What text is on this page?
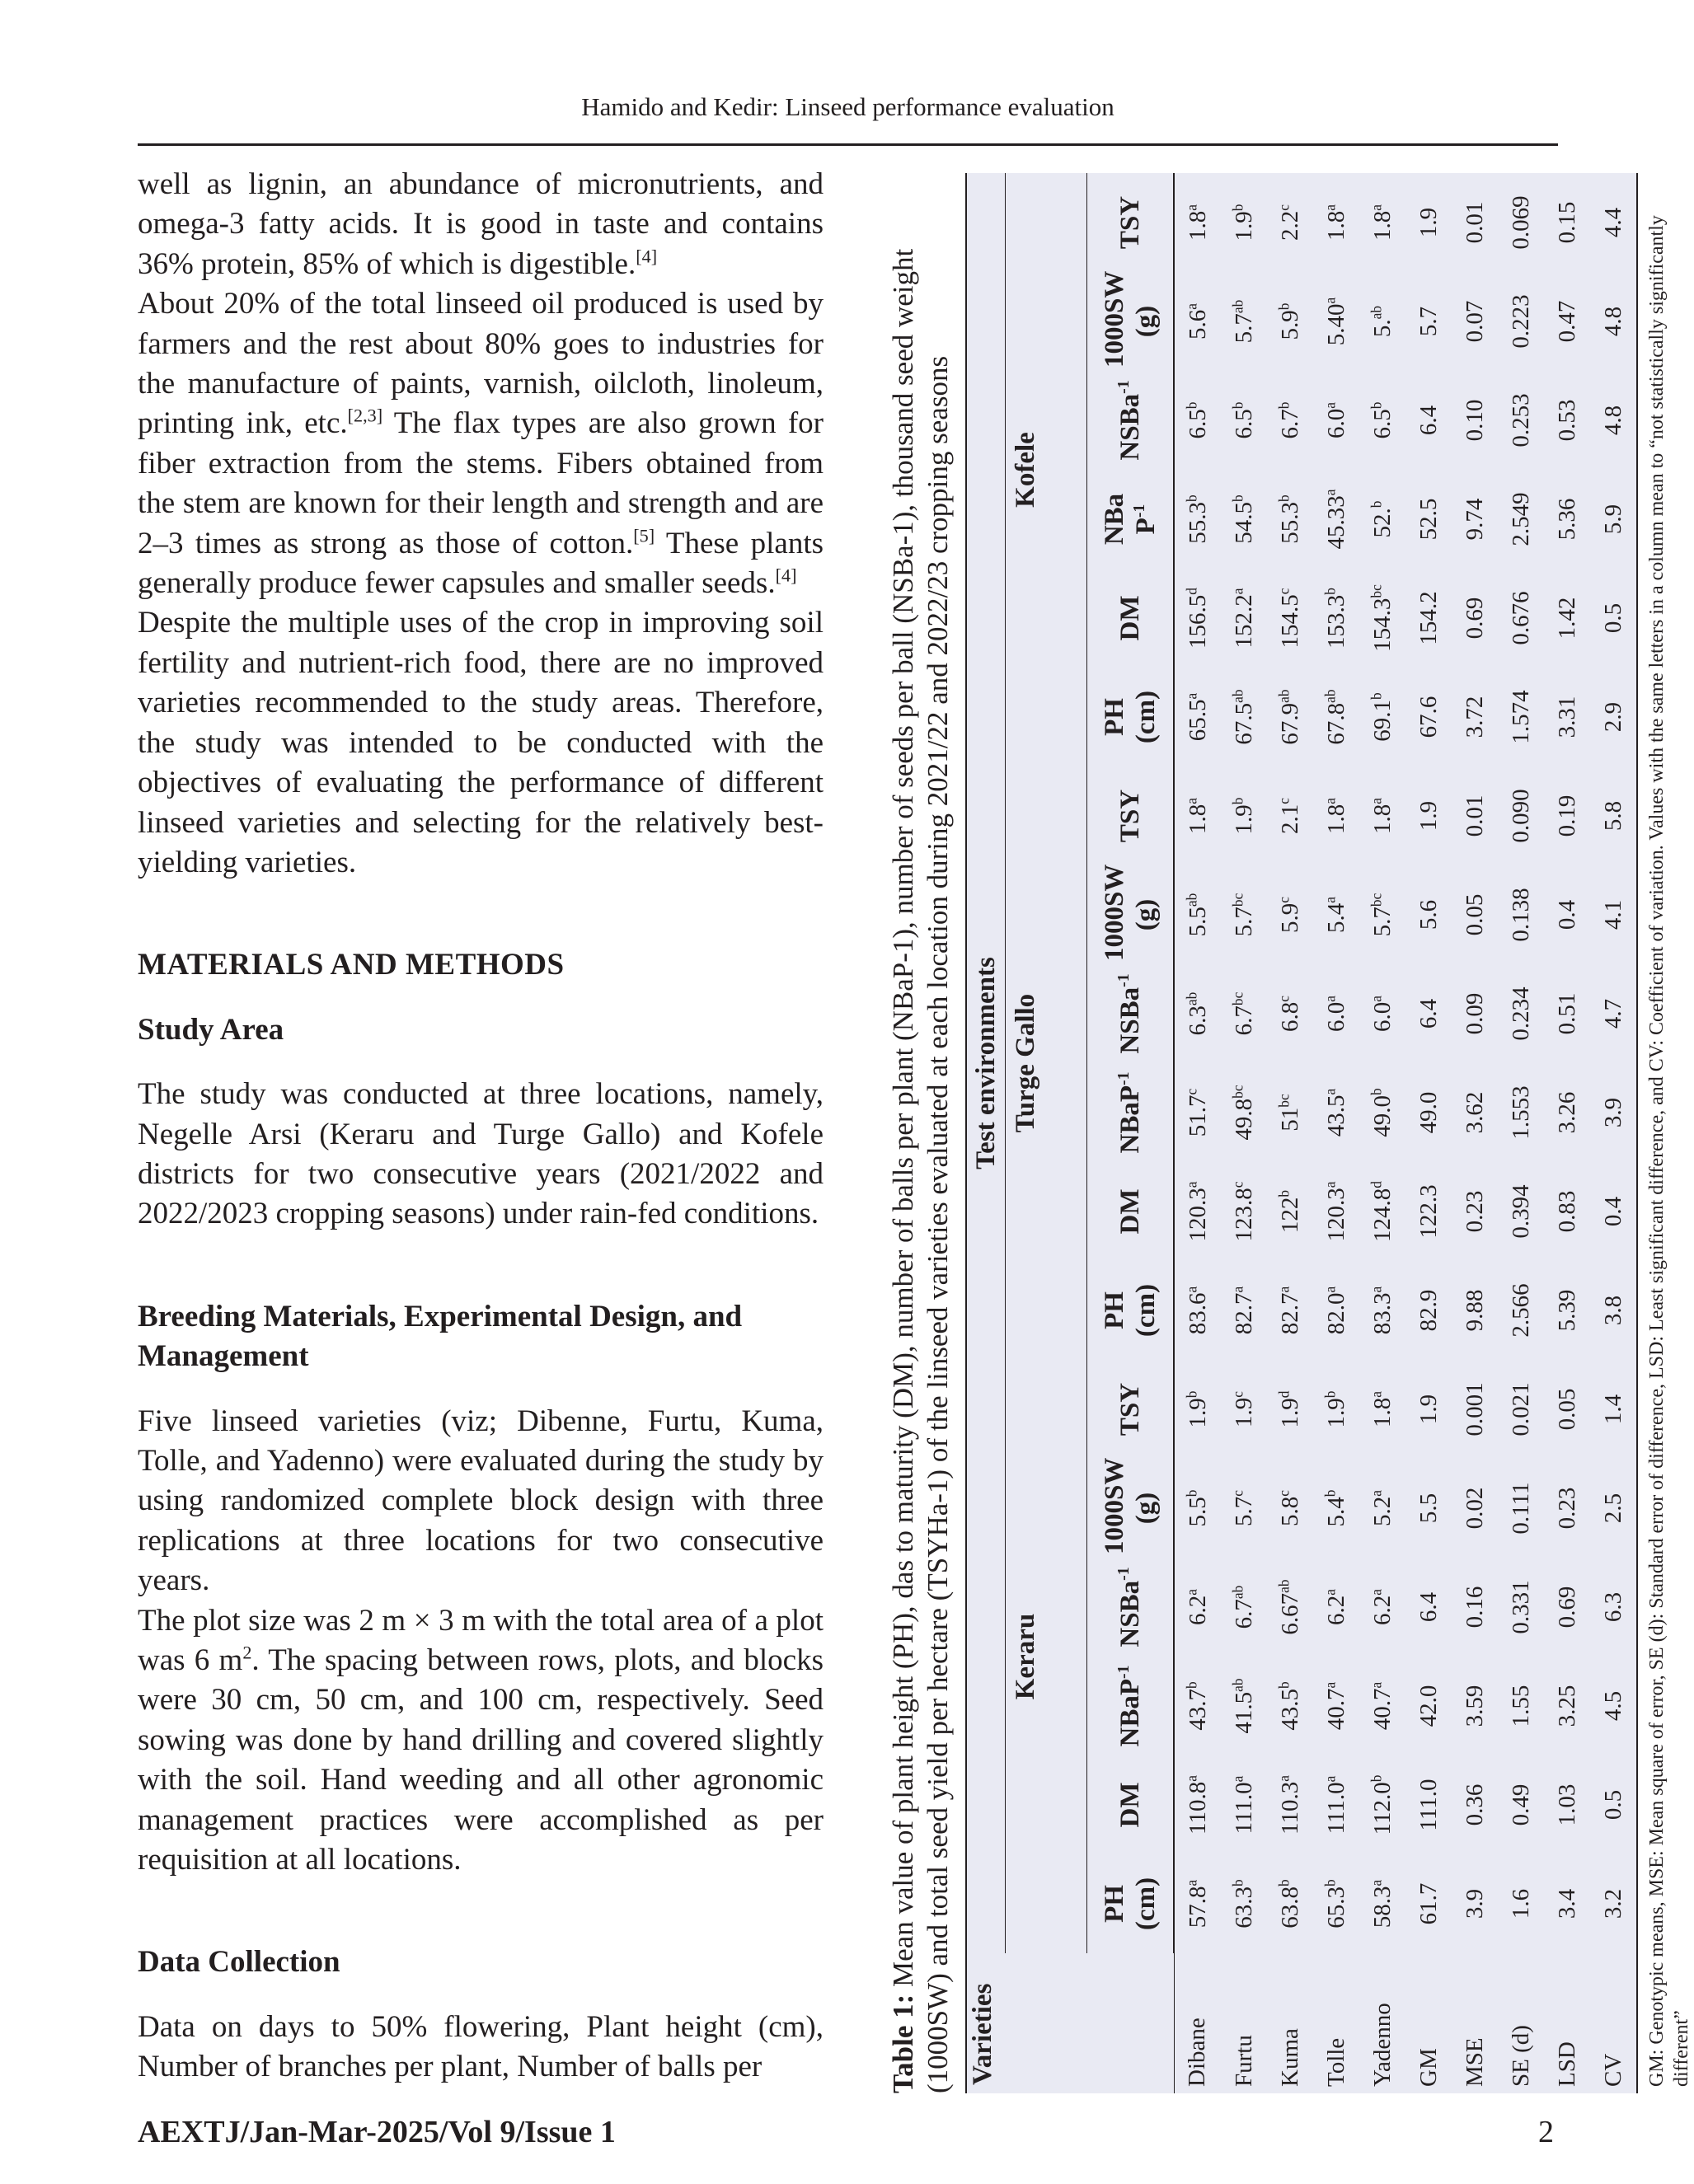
Hamido and Kedir: Linseed performance evaluation

well as lignin, an abundance of micronutrients, and omega-3 fatty acids. It is good in taste and contains 36% protein, 85% of which is digestible.[4]

About 20% of the total linseed oil produced is used by farmers and the rest about 80% goes to industries for the manufacture of paints, varnish, oilcloth, linoleum, printing ink, etc.[2,3] The flax types are also grown for fiber extraction from the stems. Fibers obtained from the stem are known for their length and strength and are 2–3 times as strong as those of cotton.[5] These plants generally produce fewer capsules and smaller seeds.[4]

Despite the multiple uses of the crop in improving soil fertility and nutrient-rich food, there are no improved varieties recommended to the study areas. Therefore, the study was intended to be conducted with the objectives of evaluating the performance of different linseed varieties and selecting for the relatively best-yielding varieties.

MATERIALS AND METHODS
Study Area

The study was conducted at three locations, namely, Negelle Arsi (Keraru and Turge Gallo) and Kofele districts for two consecutive years (2021/2022 and 2022/2023 cropping seasons) under rain-fed conditions.

Breeding Materials, Experimental Design, and Management

Five linseed varieties (viz; Dibenne, Furtu, Kuma, Tolle, and Yadenno) were evaluated during the study by using randomized complete block design with three replications at three locations for two consecutive years.

The plot size was 2 m × 3 m with the total area of a plot was 6 $m^2$. The spacing between rows, plots, and blocks were 30 cm, 50 cm, and 100 cm, respectively. Seed sowing was done by hand drilling and covered slightly with the soil. Hand weeding and all other agronomic management practices were accomplished as per requisition at all locations.

Data Collection

Data on days to 50% flowering, Plant height (cm), Number of branches per plant, Number of balls per	Table 1: Mean value of plant height (PH), das to maturity (DM), number of balls per plant (NBaP-1), number of seeds per ball (NSBa-1), thousand seed weight (1000SW) and total seed yield per hectare (TSYHa-1) of the linseed varieties evaluated at each location during 2021/22 and 2022/23 cropping seasons Varieties	Test environments																	
	Keraru						Turge Gallo						Kofele					

	PH
(cm)	DM	NBaP$^{-1}$	NSBa$^{-1}$	1000SW
(g)	TSY	PH
(cm)	DM	NBaP$^{-1}$	NSBa$^{-1}$	1000SW
(g)	TSY	PH
(cm)	DM	NBa
$P^{-1}$	NSBa$^{-1}$	1000SW
(g)	TSY
Dibane	57.8$^a$	110.8$^a$	43.7$^b$	6.2$^a$	5.5$^b$	1.9$^b$	83.6$^a$	120.3$^a$	51.7$^c$	6.3$^{ab}$	5.5$^{ab}$	1.8$^a$	65.5$^a$	156.5$^d$	55.3$^b$	6.5$^b$	5.6$^a$	1.8$^a$
Furtu	63.3$^b$	111.0$^a$	41.5$^{ab}$	6.7$^{ab}$	5.7$^c$	1.9$^c$	82.7$^a$	123.8$^c$	49.8$^{bc}$	6.7$^{bc}$	5.7$^{bc}$	1.9$^b$	67.5$^{ab}$	152.2$^a$	54.5$^b$	6.5$^b$	5.7$^{ab}$	1.9$^b$
Kuma	63.8$^b$	110.3$^a$	43.5$^b$	6.67$^{ab}$	5.8$^c$	1.9$^d$	82.7$^a$	122$^b$	$51^{bc}$	6.8$^c$	5.9$^c$	2.1$^c$	67.9$^{ab}$	154.5$^c$	55.3$^b$	6.7$^b$	5.9$^b$	2.2$^c$
Tolle	65.3$^b$	111.0$^a$	40.7$^a$	6.2$^a$	5.4$^b$	1.9$^b$	82.0$^a$	120.3$^a$	43.5$^a$	6.0$^a$	5.4$^a$	1.8$^a$	67.8$^{ab}$	153.3$^b$	45.33$^a$	6.0$^a$	5.40$^a$	1.8$^a$
Yadenno	58.3$^a$	112.0$^b$	40.7$^a$	6.2$^a$	5.2$^a$	1.8$^a$	83.3$^a$	124.8$^d$	49.0$^b$	6.0$^a$	5.7$^{bc}$	1.8$^a$	69.1$^b$	154.3$^{bc}$	52.$^b$	6.5$^b$	5.$^{ab}$	1.8$^a$
GM	61.7	111.0	42.0	6.4	5.5	1.9	82.9	122.3	49.0	6.4	5.6	1.9	67.6	154.2	52.5	6.4	5.7	1.9
MSE	3.9	0.36	3.59	0.16	0.02	0.001	9.88	0.23	3.62	0.09	0.05	0.01	3.72	0.69	9.74	0.10	0.07	0.01
SE (d)	1.6	0.49	1.55	0.331	0.111	0.021	2.566	0.394	1.553	0.234	0.138	0.090	1.574	0.676	2.549	0.253	0.223	0.069
LSD	3.4	1.03	3.25	0.69	0.23	0.05	5.39	0.83	3.26	0.51	0.4	0.19	3.31	1.42	5.36	0.53	0.47	0.15
CV	3.2	0.5	4.5	6.3	2.5	1.4	3.8	0.4	3.9	4.7	4.1	5.8	2.9	0.5	5.9	4.8	4.8	4.4 GM: Genotypic means, MSE: Mean square of error, SE (d): Standard error of difference, LSD: Least significant difference, and CV: Coefficient of variation. Values with the same letters in a column mean to “not statistically significantly different”
AEXTJ/Jan-Mar-2025/Vol 9/Issue 1	2
